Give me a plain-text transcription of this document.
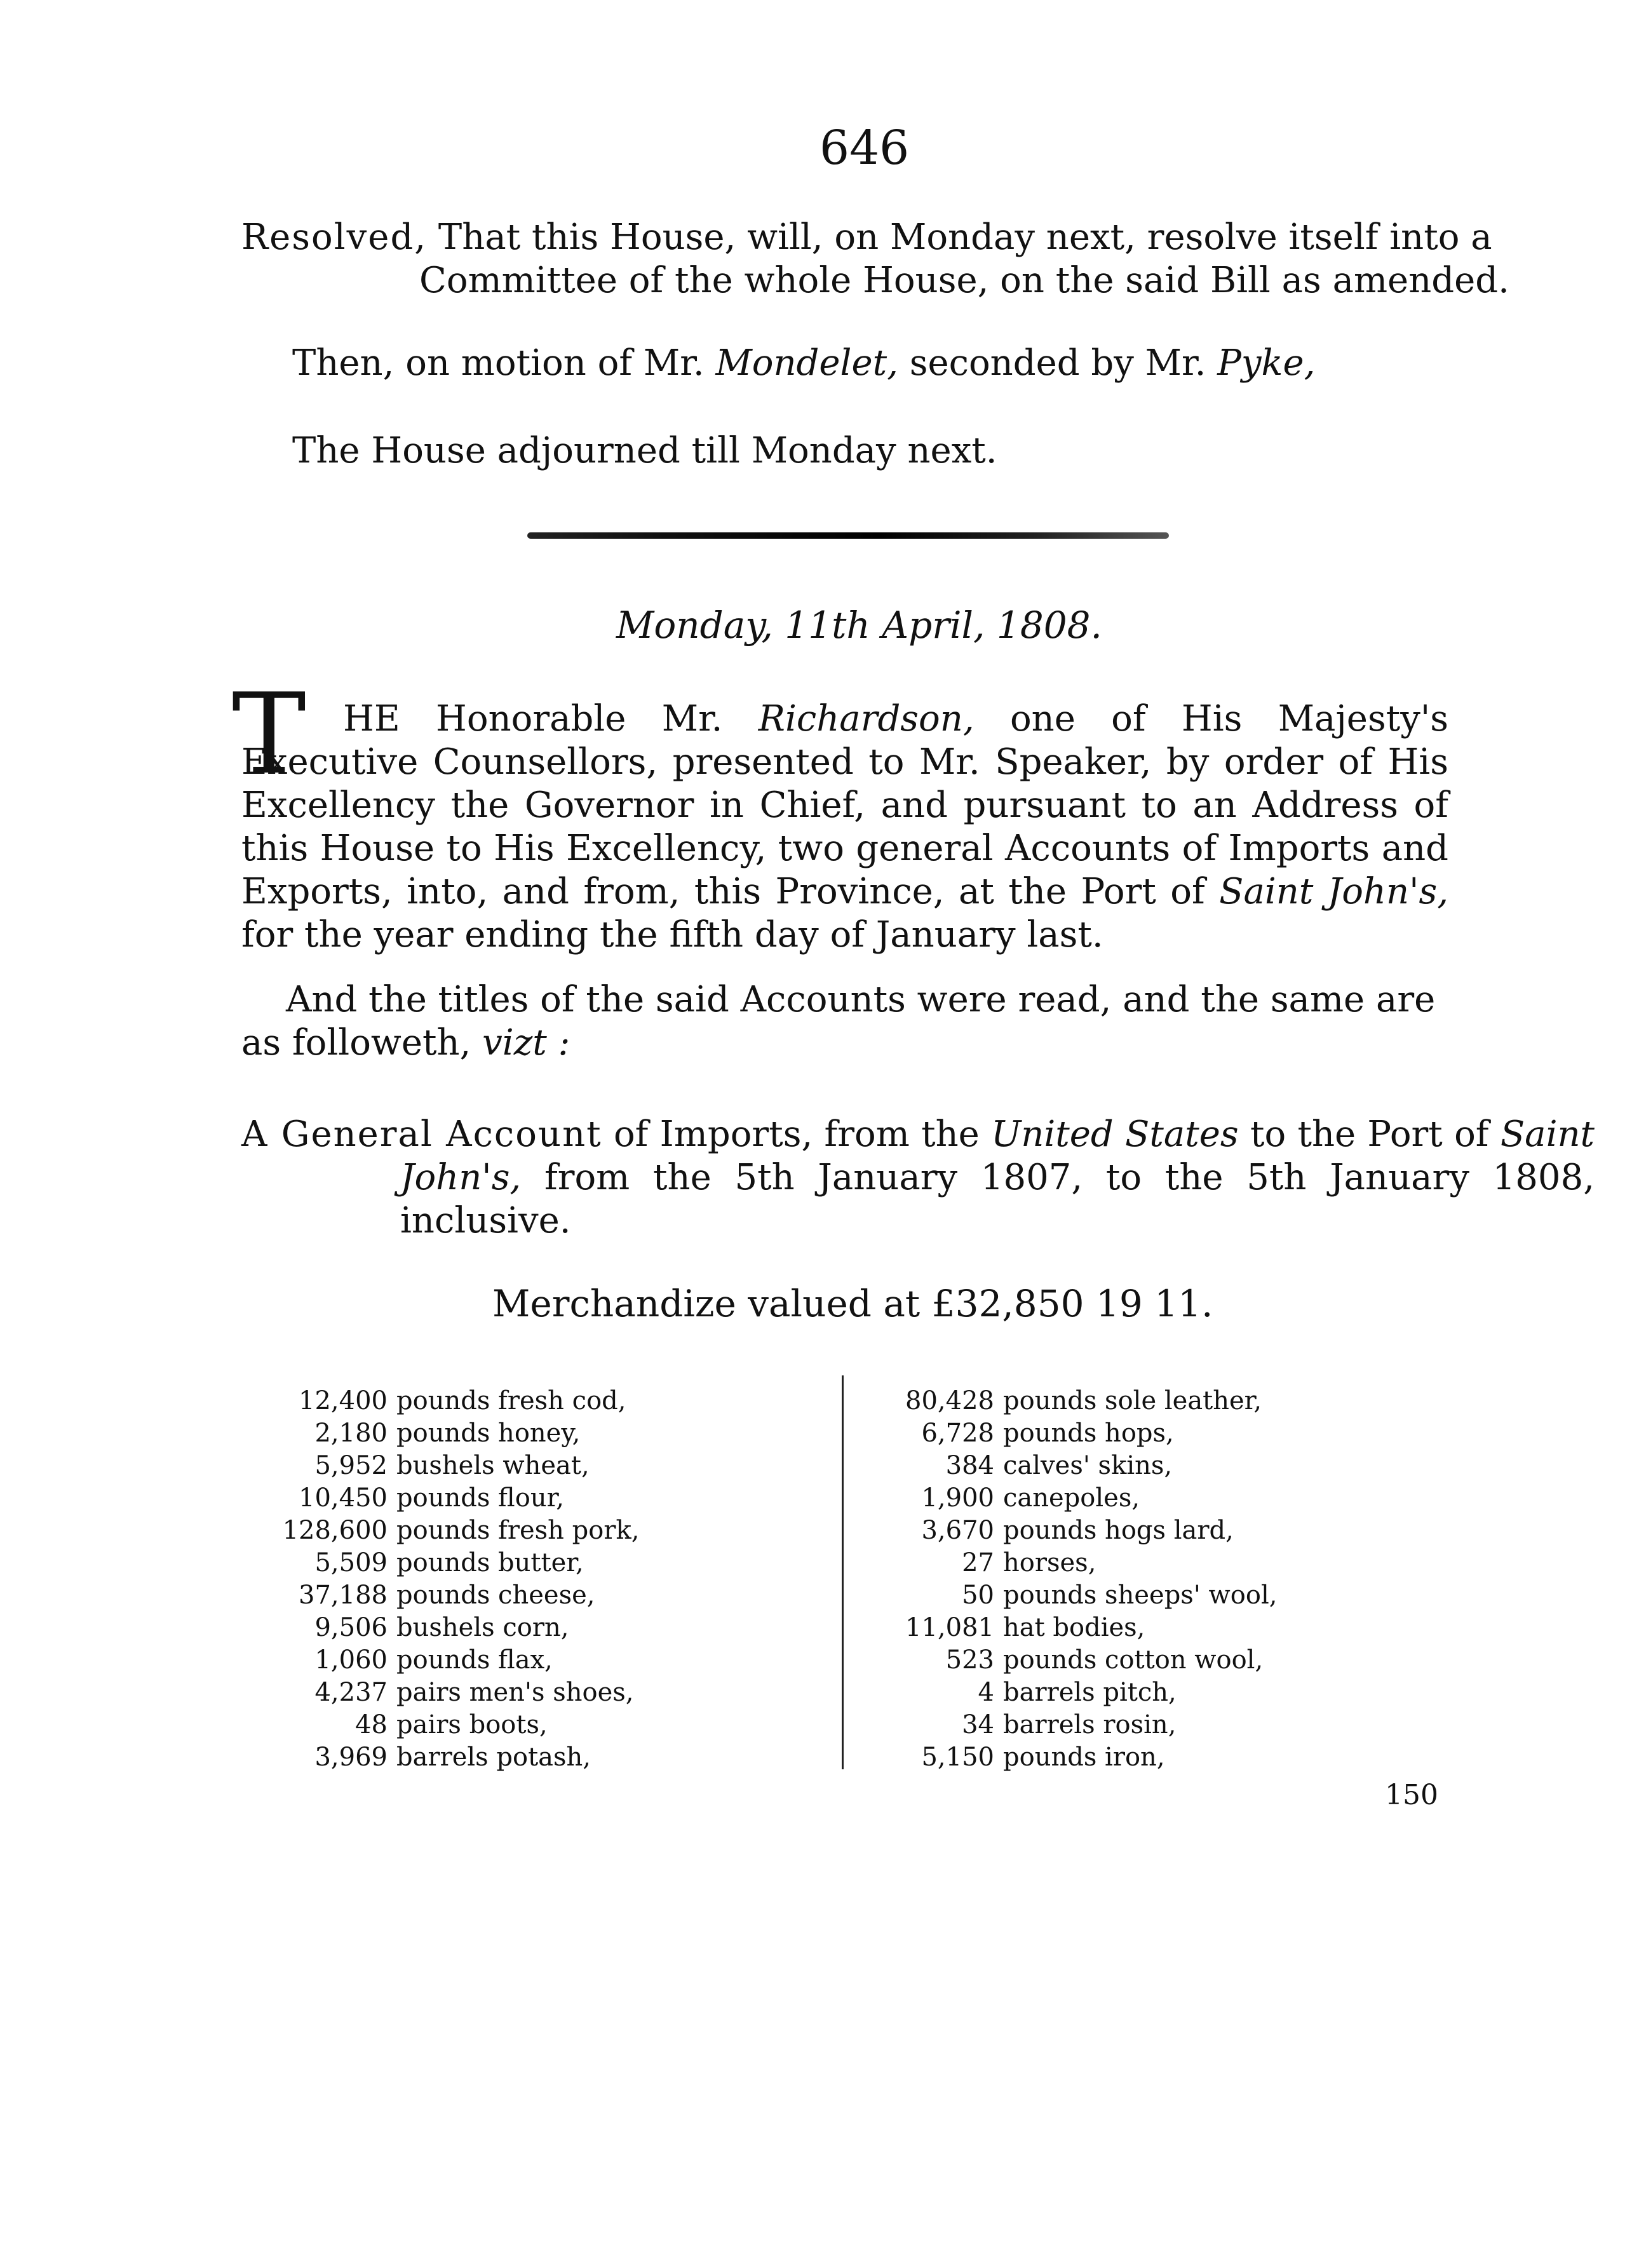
646
Resolved, That this House, will, on Monday next, resolve itself into a Committee of the whole House, on the said Bill as amended.
Then, on motion of Mr. Mondelet, seconded by Mr. Pyke,
The House adjourned till Monday next.
Monday, 11th April, 1808.
T	HE Honorable Mr. Richardson, one of His Majesty's Executive Counsellors, presented to Mr. Speaker, by order of His Excellency the Governor in Chief, and pursuant to an Address of this House to His Excellency, two general Accounts of Imports and Exports, into, and from, this Province, at the Port of Saint John's, for the year ending the fifth day of January last.
And the titles of the said Accounts were read, and the same are as followeth, vizt :
A General Account of Imports, from the United States to the Port of Saint John's, from the 5th January 1807, to the 5th January 1808, inclusive.
Merchandize valued at £32,850 19 11.
12,400 pounds fresh cod,
2,180 pounds honey,
5,952 bushels wheat,
10,450 pounds flour,
128,600 pounds fresh pork,
5,509 pounds butter,
37,188 pounds cheese,
9,506 bushels corn,
1,060 pounds flax,
4,237 pairs men's shoes,
48 pairs boots,
3,969 barrels potash,
80,428 pounds sole leather,
6,728 pounds hops,
384 calves' skins,
1,900 canepoles,
3,670 pounds hogs lard,
27 horses,
50 pounds sheeps' wool,
11,081 hat bodies,
523 pounds cotton wool,
4 barrels pitch,
34 barrels rosin,
5,150 pounds iron,
150
